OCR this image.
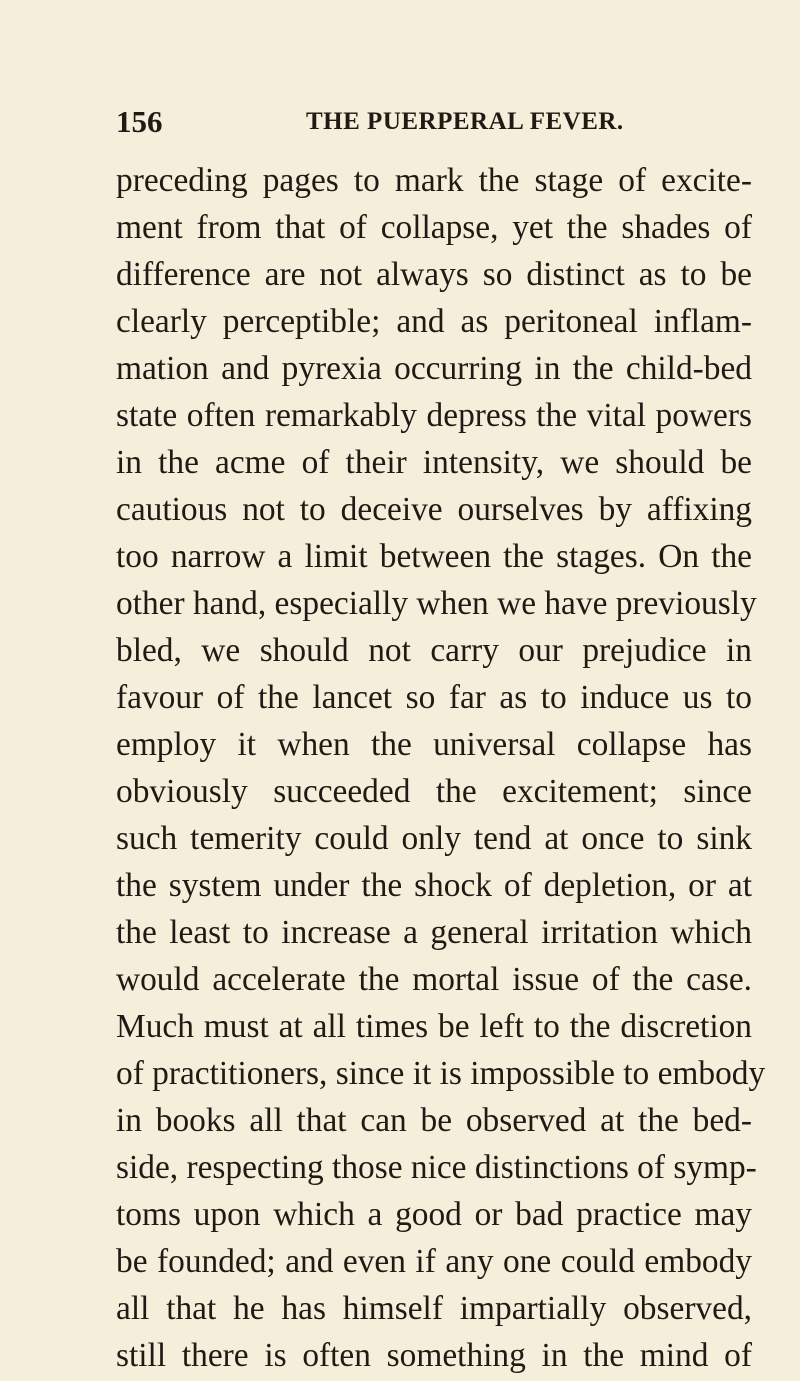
156	THE PUERPERAL FEVER.
preceding pages to mark the stage of excite-
ment from that of collapse, yet the shades of
difference are not always so distinct as to be
clearly perceptible; and as peritoneal inflam-
mation and pyrexia occurring in the child-bed
state often remarkably depress the vital powers
in the acme of their intensity, we should be
cautious not to deceive ourselves by affixing
too narrow a limit between the stages. On the
other hand, especially when we have previously
bled, we should not carry our prejudice in
favour of the lancet so far as to induce us to
employ it when the universal collapse has
obviously succeeded the excitement; since
such temerity could only tend at once to sink
the system under the shock of depletion, or at
the least to increase a general irritation which
would accelerate the mortal issue of the case.
Much must at all times be left to the discretion
of practitioners, since it is impossible to embody
in books all that can be observed at the bed-
side, respecting those nice distinctions of symp-
toms upon which a good or bad practice may
be founded; and even if any one could embody
all that he has himself impartially observed,
still there is often something in the mind of
